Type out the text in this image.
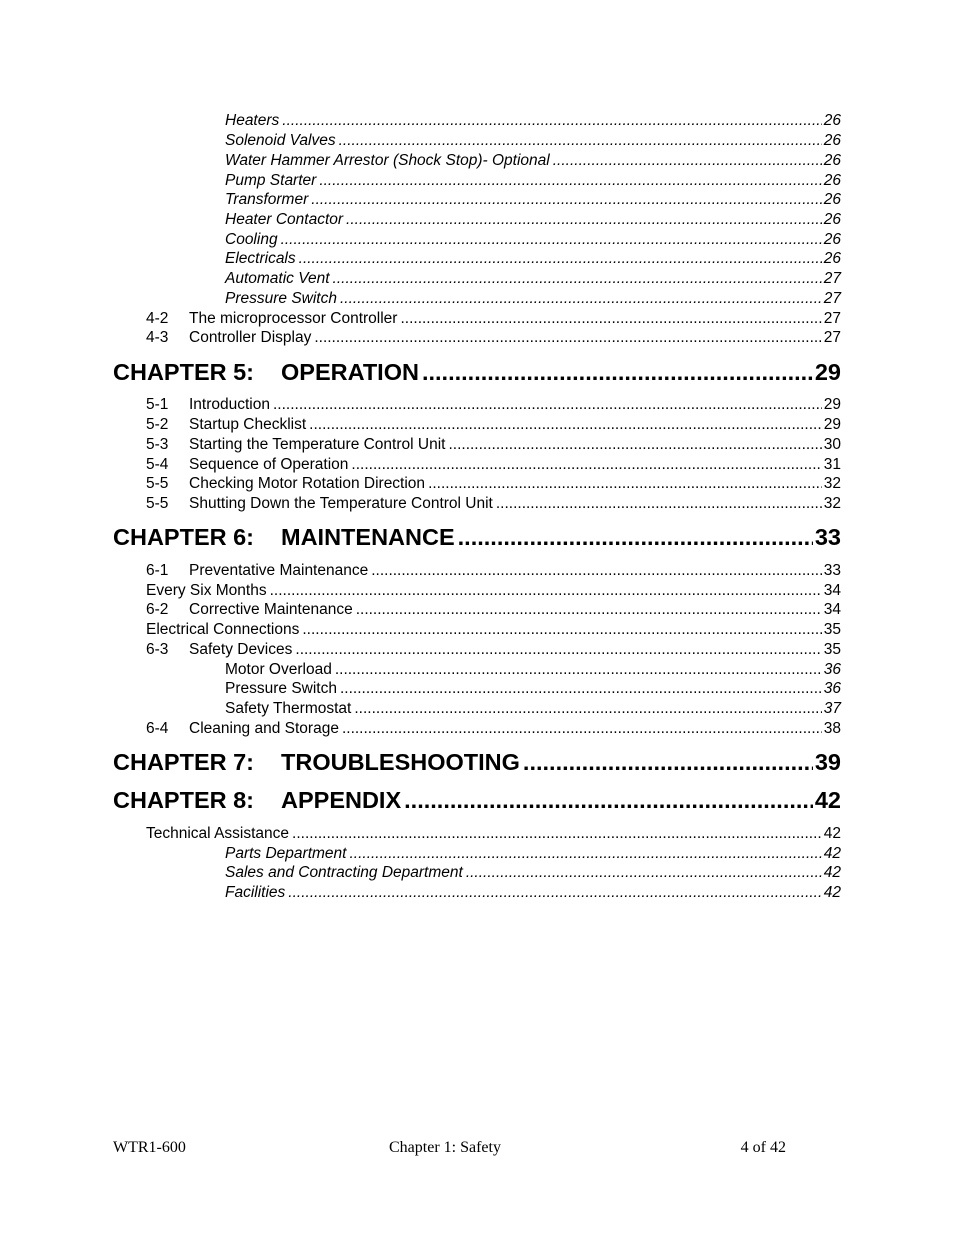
Heaters .....	26
Solenoid Valves .....	26
Water Hammer Arrestor (Shock Stop)- Optional .....	26
Pump Starter .....	26
Transformer .....	26
Heater Contactor .....	26
Cooling .....	26
Electricals .....	26
Automatic Vent .....	27
Pressure Switch .....	27
4-2	The microprocessor Controller .....	27
4-3	Controller Display .....	27
CHAPTER 5:	OPERATION .....	29
5-1	Introduction .....	29
5-2	Startup Checklist .....	29
5-3	Starting the Temperature Control Unit .....	30
5-4	Sequence of Operation .....	31
5-5	Checking Motor Rotation Direction .....	32
5-5	Shutting Down the Temperature Control Unit .....	32
CHAPTER 6:	MAINTENANCE .....	33
6-1	Preventative Maintenance .....	33
Every Six Months .....	34
6-2	Corrective Maintenance .....	34
Electrical Connections .....	35
6-3	Safety Devices .....	35
Motor Overload .....	36
Pressure Switch .....	36
Safety Thermostat .....	37
6-4	Cleaning and Storage .....	38
CHAPTER 7:	TROUBLESHOOTING .....	39
CHAPTER 8:	APPENDIX .....	42
Technical Assistance .....	42
Parts Department .....	42
Sales and Contracting Department .....	42
Facilities .....	42
WTR1-600	Chapter 1: Safety	4 of 42
